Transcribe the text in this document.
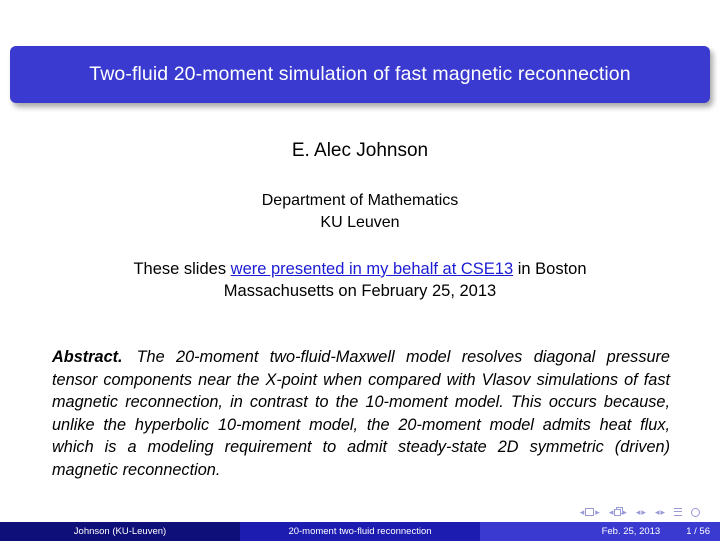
Two-fluid 20-moment simulation of fast magnetic reconnection
E. Alec Johnson
Department of Mathematics
KU Leuven
These slides were presented in my behalf at CSE13 in Boston
Massachusetts on February 25, 2013
Abstract. The 20-moment two-fluid-Maxwell model resolves diagonal pressure tensor components near the X-point when compared with Vlasov simulations of fast magnetic reconnection, in contrast to the 10-moment model. This occurs because, unlike the hyperbolic 10-moment model, the 20-moment model admits heat flux, which is a modeling requirement to admit steady-state 2D symmetric (driven) magnetic reconnection.
◂ ▸ ◂ ▸ ◂ ▸ ◂ ▸
Johnson (KU-Leuven)	20-moment two-fluid reconnection	Feb. 25, 2013	1 / 56
